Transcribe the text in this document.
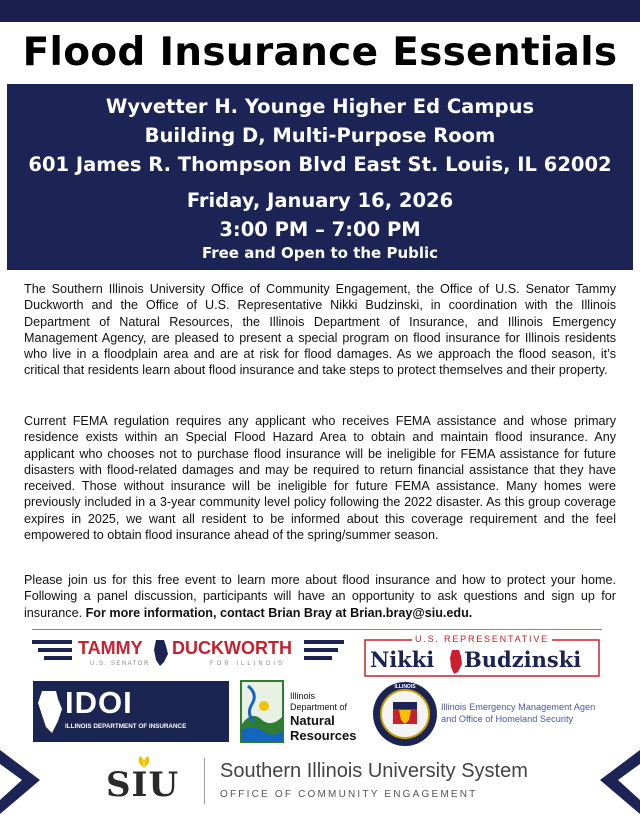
Flood Insurance Essentials
Wyvetter H. Younge Higher Ed Campus
Building D, Multi-Purpose Room
601 James R. Thompson Blvd East St. Louis, IL 62002
Friday, January 16, 2026
3:00 PM – 7:00 PM
Free and Open to the Public
The Southern Illinois University Office of Community Engagement, the Office of U.S. Senator Tammy Duckworth and the Office of U.S. Representative Nikki Budzinski, in coordination with the Illinois Department of Natural Resources, the Illinois Department of Insurance, and Illinois Emergency Management Agency, are pleased to present a special program on flood insurance for Illinois residents who live in a floodplain area and are at risk for flood damages. As we approach the flood season, it’s critical that residents learn about flood insurance and take steps to protect themselves and their property.
Current FEMA regulation requires any applicant who receives FEMA assistance and whose primary residence exists within an Special Flood Hazard Area to obtain and maintain flood insurance. Any applicant who chooses not to purchase flood insurance will be ineligible for FEMA assistance for future disasters with flood-related damages and may be required to return financial assistance that they have received. Those without insurance will be ineligible for future FEMA assistance. Many homes were previously included in a 3-year community level policy following the 2022 disaster. As this group coverage expires in 2025, we want all resident to be informed about this coverage requirement and the feel empowered to obtain flood insurance ahead of the spring/summer season.
Please join us for this free event to learn more about flood insurance and how to protect your home. Following a panel discussion, participants will have an opportunity to ask questions and sign up for insurance. For more information, contact Brian Bray at Brian.bray@siu.edu.
TAMMY	DUCKWORTH
U.S. SENATOR	FOR ILLINOIS
U.S. REPRESENTATIVE
Nikki	Budzinski
IDOI
ILLINOIS DEPARTMENT OF INSURANCE
Illinois
Department of
Natural
Resources
ILLINOIS
Illinois Emergency Management Agen
and Office of Homeland Security
SIU Southern Illinois University System
OFFICE OF COMMUNITY ENGAGEMENT
